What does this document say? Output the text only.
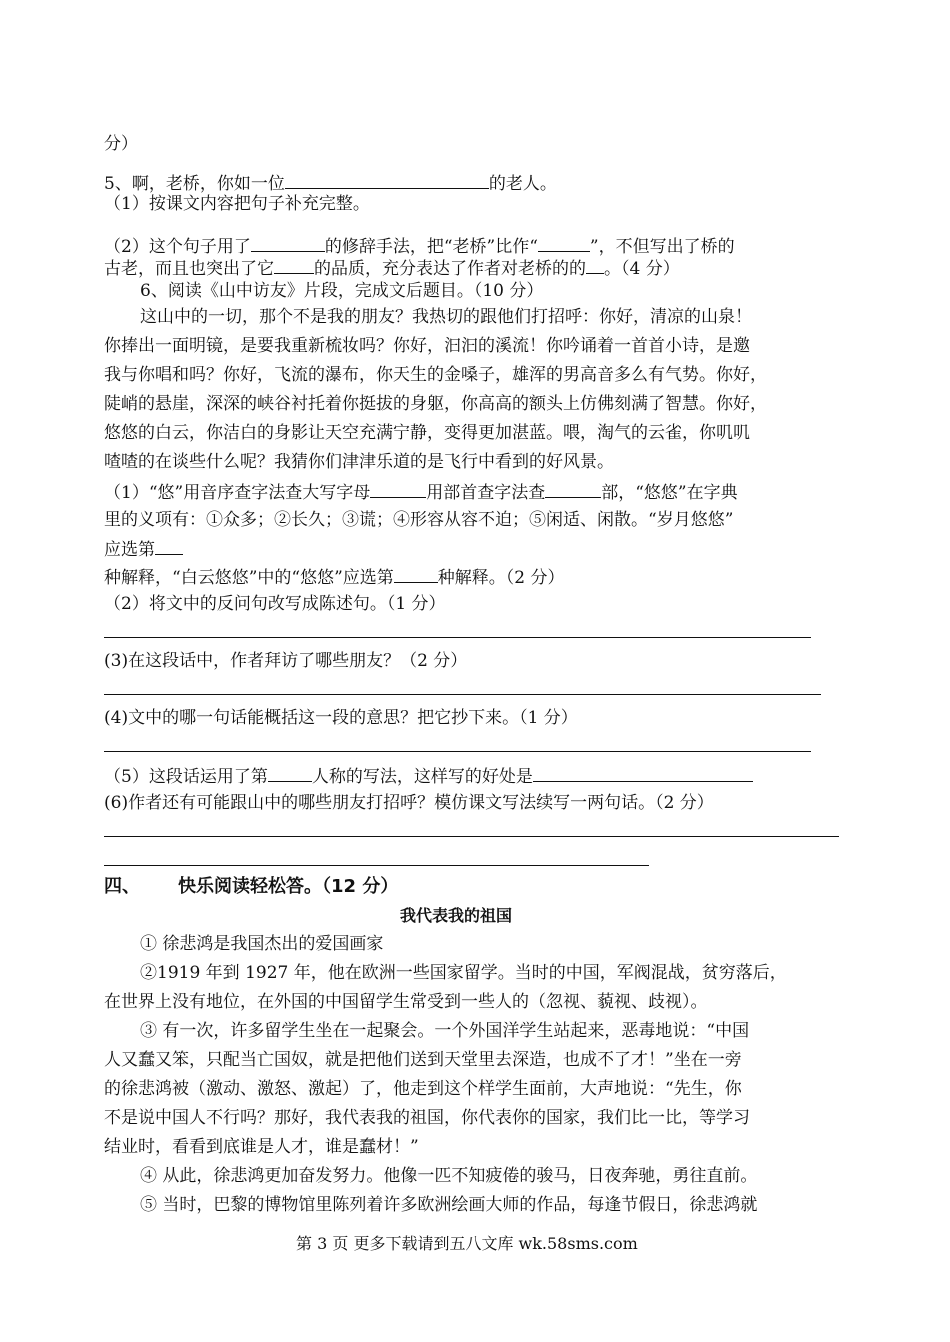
分）
5、啊，老桥，你如一位	的老人。
（1）按课文内容把句子补充完整。
（2）这个句子用了	的修辞手法，把“老桥”比作“	”，不但写出了桥的
古老，而且也突出了它 的品质，充分表达了作者对老桥的的 。（4 分）
6、阅读《山中访友》片段，完成文后题目。（10 分）
这山中的一切，那个不是我的朋友？我热切的跟他们打招呼：你好，清凉的山泉！
你捧出一面明镜，是要我重新梳妆吗？你好，汩汩的溪流！你吟诵着一首首小诗，是邀
我与你唱和吗？你好，飞流的瀑布，你天生的金嗓子，雄浑的男高音多么有气势。你好，
陡峭的悬崖，深深的峡谷衬托着你挺拔的身躯，你高高的额头上仿佛刻满了智慧。你好，
悠悠的白云，你洁白的身影让天空充满宁静，变得更加湛蓝。喂，淘气的云雀，你叽叽
喳喳的在谈些什么呢？我猜你们津津乐道的是飞行中看到的好风景。
（1）“悠”用音序查字法查大写字母	用部首查字法查	部，“悠悠”在字典
里的义项有：①众多；②长久；③谎；④形容从容不迫；⑤闲适、闲散。“岁月悠悠”
应选第
种解释，“白云悠悠”中的“悠悠”应选第	种解释。（2 分）
（2）将文中的反问句改写成陈述句。（1 分）
(3)在这段话中，作者拜访了哪些朋友？（2 分）
(4)文中的哪一句话能概括这一段的意思？把它抄下来。（1 分）
（5）这段话运用了第	人称的写法，这样写的好处是
(6)作者还有可能跟山中的哪些朋友打招呼？模仿课文写法续写一两句话。（2 分）
四、 快乐阅读轻松答。（12 分）
我代表我的祖国
① 徐悲鸿是我国杰出的爱国画家
②1919 年到 1927 年，他在欧洲一些国家留学。当时的中国，军阀混战，贫穷落后，
在世界上没有地位，在外国的中国留学生常受到一些人的（忽视、藐视、歧视）。
③ 有一次，许多留学生坐在一起聚会。一个外国洋学生站起来，恶毒地说：“中国
人又蠢又笨，只配当亡国奴，就是把他们送到天堂里去深造，也成不了才！”坐在一旁
的徐悲鸿被（激动、激怒、激起）了，他走到这个样学生面前，大声地说：“先生，你
不是说中国人不行吗？那好，我代表我的祖国，你代表你的国家，我们比一比，等学习
结业时，看看到底谁是人才，谁是蠢材！”
④ 从此，徐悲鸿更加奋发努力。他像一匹不知疲倦的骏马，日夜奔驰，勇往直前。
⑤ 当时，巴黎的博物馆里陈列着许多欧洲绘画大师的作品，每逢节假日，徐悲鸿就
第 3 页 更多下载请到五八文库 wk.58sms.com
